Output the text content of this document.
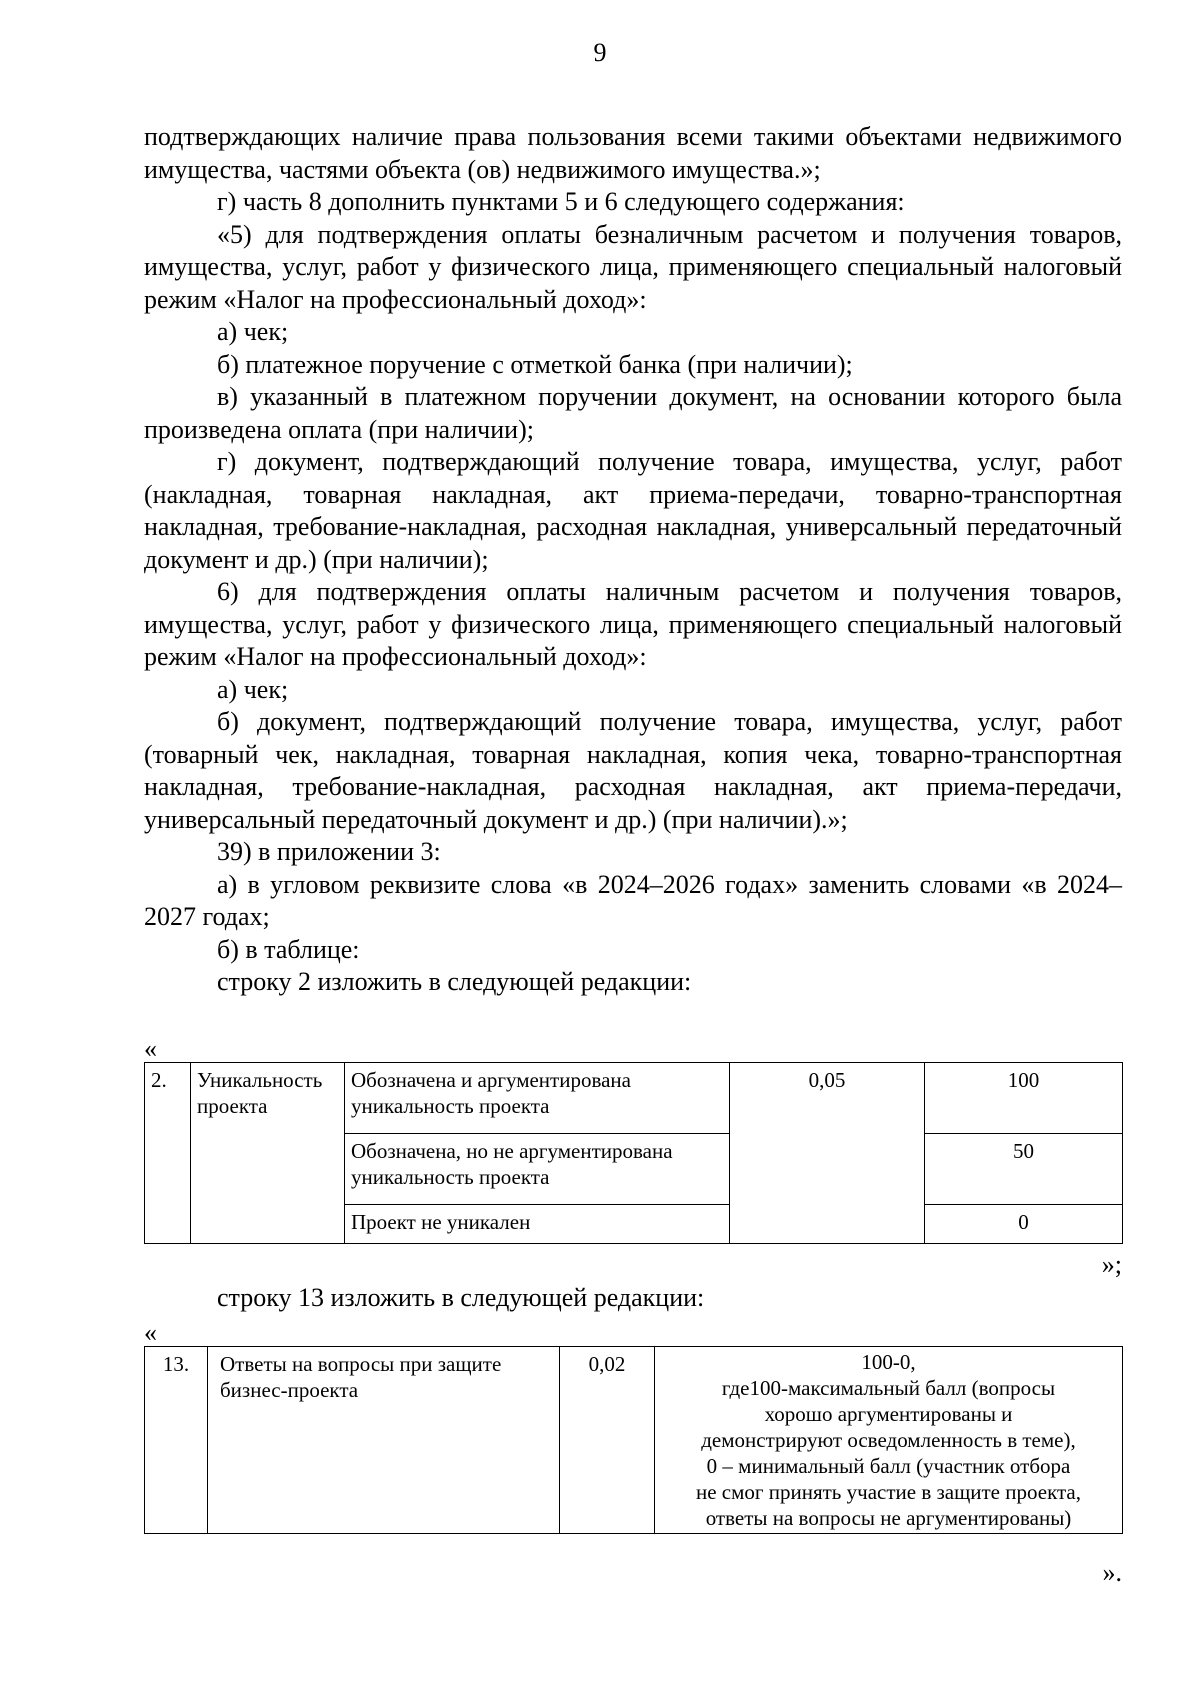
9

подтверждающих наличие права пользования всеми такими объектами недвижимого имущества, частями объекта (ов) недвижимого имущества.»;

г) часть 8 дополнить пунктами 5 и 6 следующего содержания:

«5) для подтверждения оплаты безналичным расчетом и получения товаров, имущества, услуг, работ у физического лица, применяющего специальный налоговый режим «Налог на профессиональный доход»:

а) чек;

б) платежное поручение с отметкой банка (при наличии);

в) указанный в платежном поручении документ, на основании которого была произведена оплата (при наличии);

г) документ, подтверждающий получение товара, имущества, услуг, работ (накладная, товарная накладная, акт приема-передачи, товарно-транспортная накладная, требование-накладная, расходная накладная, универсальный передаточный документ и др.) (при наличии);

6) для подтверждения оплаты наличным расчетом и получения товаров, имущества, услуг, работ у физического лица, применяющего специальный налоговый режим «Налог на профессиональный доход»:

а) чек;

б) документ, подтверждающий получение товара, имущества, услуг, работ (товарный чек, накладная, товарная накладная, копия чека, товарно-транспортная накладная, требование-накладная, расходная накладная, акт приема-передачи, универсальный передаточный документ и др.) (при наличии).»;

39) в приложении 3:

а) в угловом реквизите слова «в 2024–2026 годах» заменить словами «в 2024–2027 годах;

б) в таблице:

строку 2 изложить в следующей редакции:

«
2.	Уникальность проекта	Обозначена и аргументирована уникальность проекта	0,05	100
		Обозначена, но не аргументирована уникальность проекта		50
		Проект не уникален		0
»;

строку 13 изложить в следующей редакции:

«
13.	Ответы на вопросы при защите бизнес-проекта	0,02	100-0,
где100-максимальный балл (вопросы
хорошо аргументированы и
демонстрируют осведомленность в теме),
0 – минимальный балл (участник отбора
не смог принять участие в защите проекта,
ответы на вопросы не аргументированы)
».
